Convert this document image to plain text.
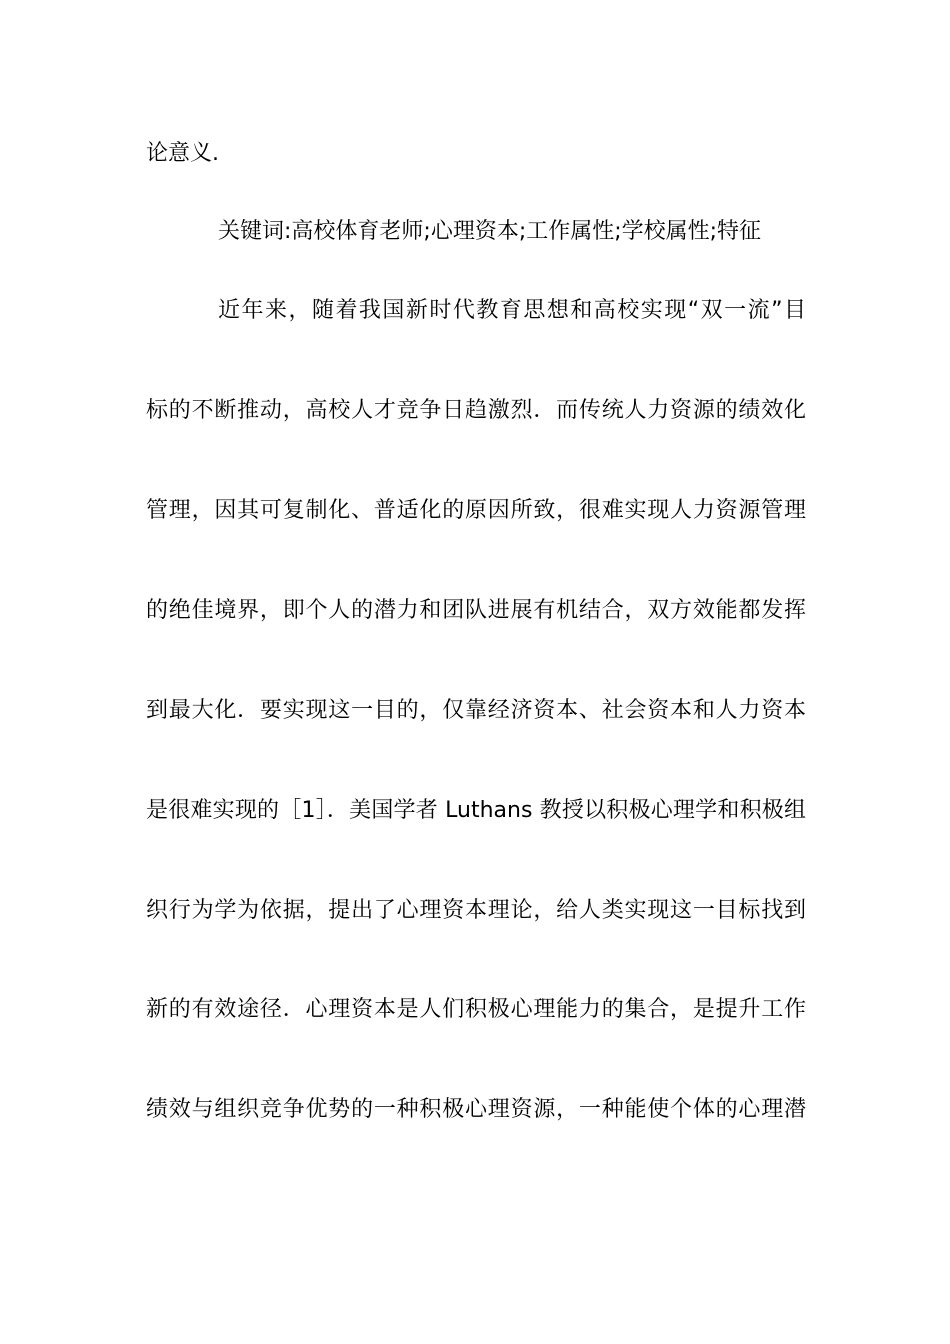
论意义.
关键词:高校体育老师;心理资本;工作属性;学校属性;特征
近年来，随着我国新时代教育思想和高校实现“双一流”目
标的不断推动，高校人才竞争日趋激烈．而传统人力资源的绩效化
管理，因其可复制化、普适化的原因所致，很难实现人力资源管理
的绝佳境界，即个人的潜力和团队进展有机结合，双方效能都发挥
到最大化．要实现这一目的，仅靠经济资本、社会资本和人力资本
是很难实现的［1］．美国学者 Luthans 教授以积极心理学和积极组
织行为学为依据，提出了心理资本理论，给人类实现这一目标找到
新的有效途径．心理资本是人们积极心理能力的集合，是提升工作
绩效与组织竞争优势的一种积极心理资源，一种能使个体的心理潜
